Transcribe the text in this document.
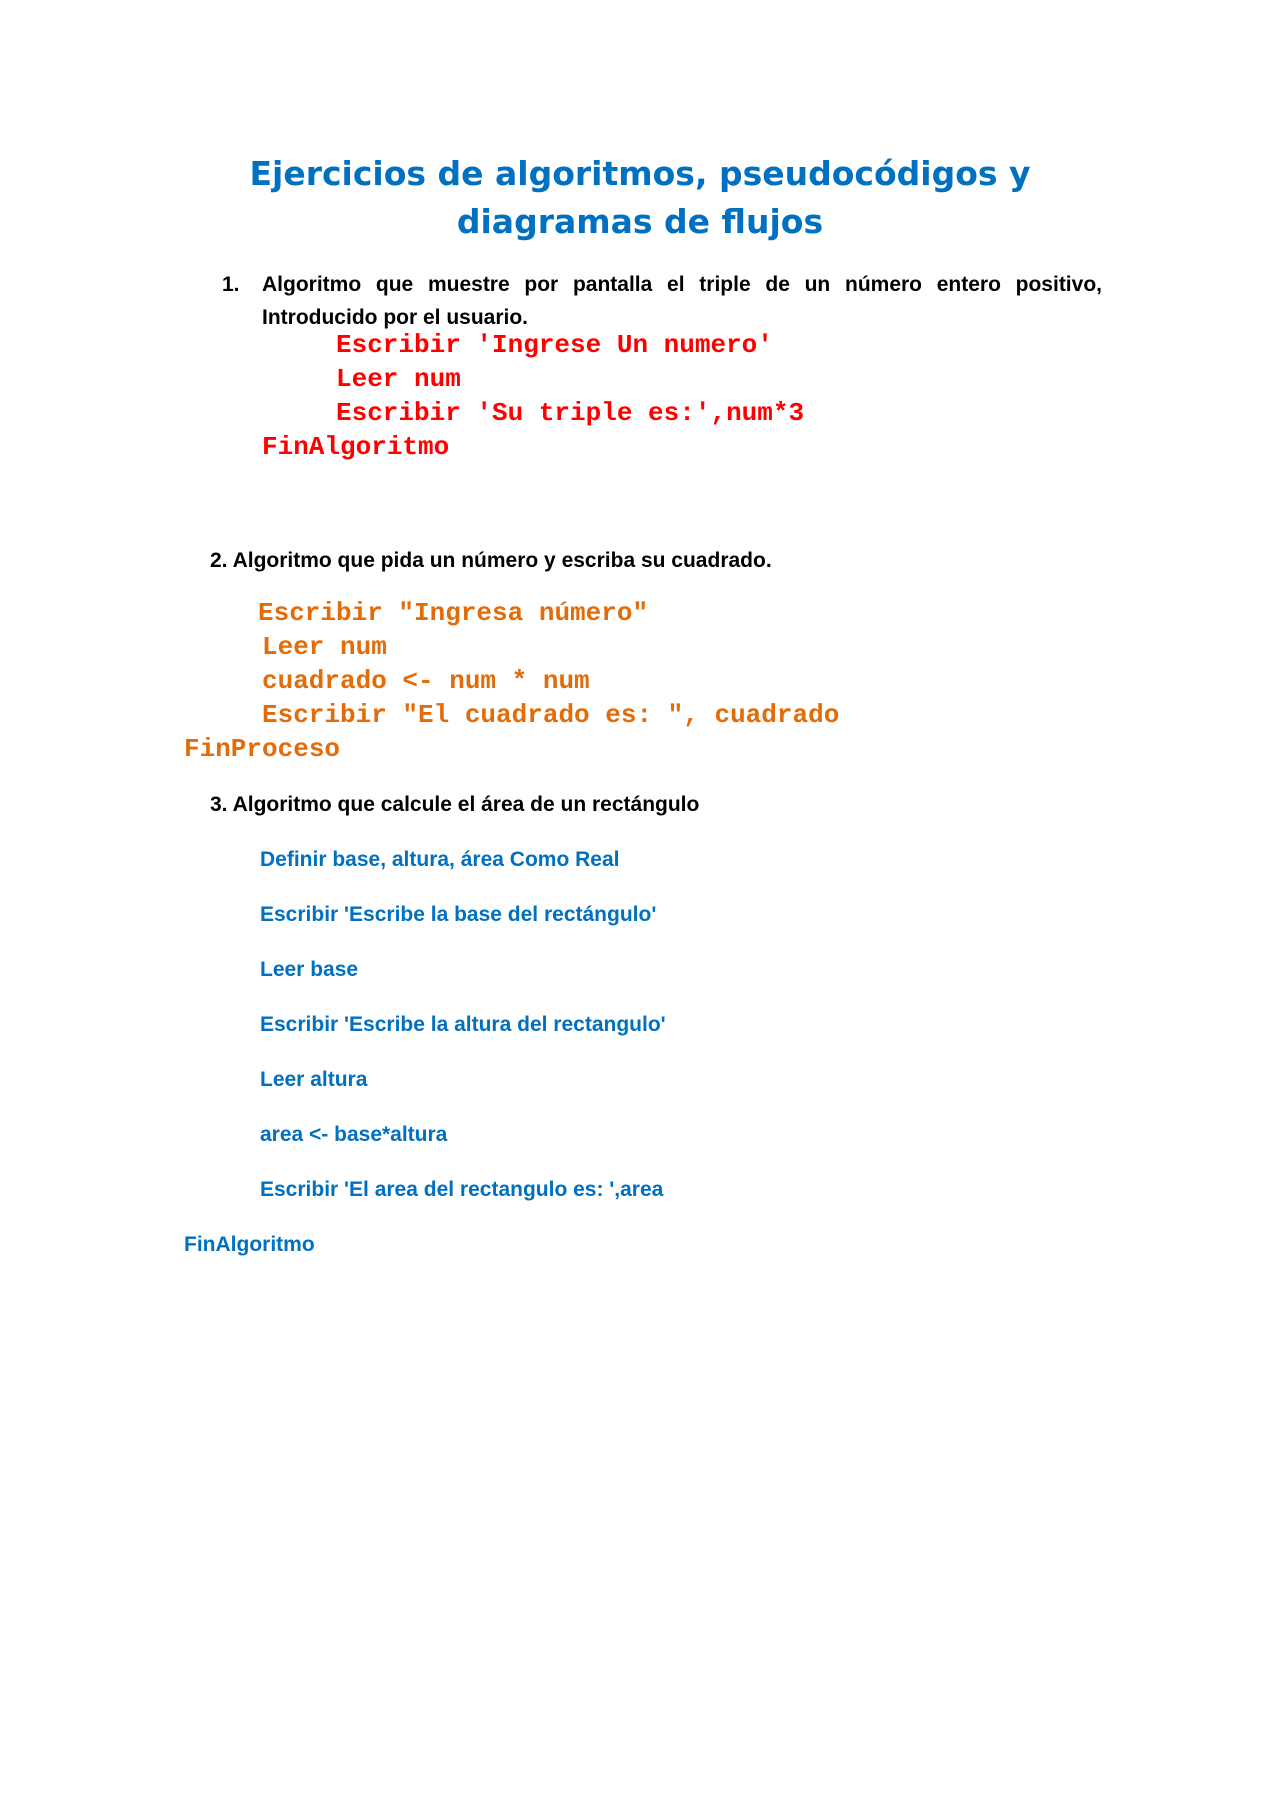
Ejercicios de algoritmos, pseudocódigos y
diagramas de flujos
1. Algoritmo que muestre por pantalla el triple de un número entero positivo, Introducido por el usuario.
Escribir 'Ingrese Un numero'
Leer num
Escribir 'Su triple es:',num*3
FinAlgoritmo
2. Algoritmo que pida un número y escriba su cuadrado.
Escribir "Ingresa número"
Leer num
cuadrado <- num * num
Escribir "El cuadrado es: ", cuadrado
FinProceso
3. Algoritmo que calcule el área de un rectángulo
Definir base, altura, área Como Real
Escribir 'Escribe la base del rectángulo'
Leer base
Escribir 'Escribe la altura del rectangulo'
Leer altura
area <- base*altura
Escribir 'El area del rectangulo es: ',area
FinAlgoritmo
